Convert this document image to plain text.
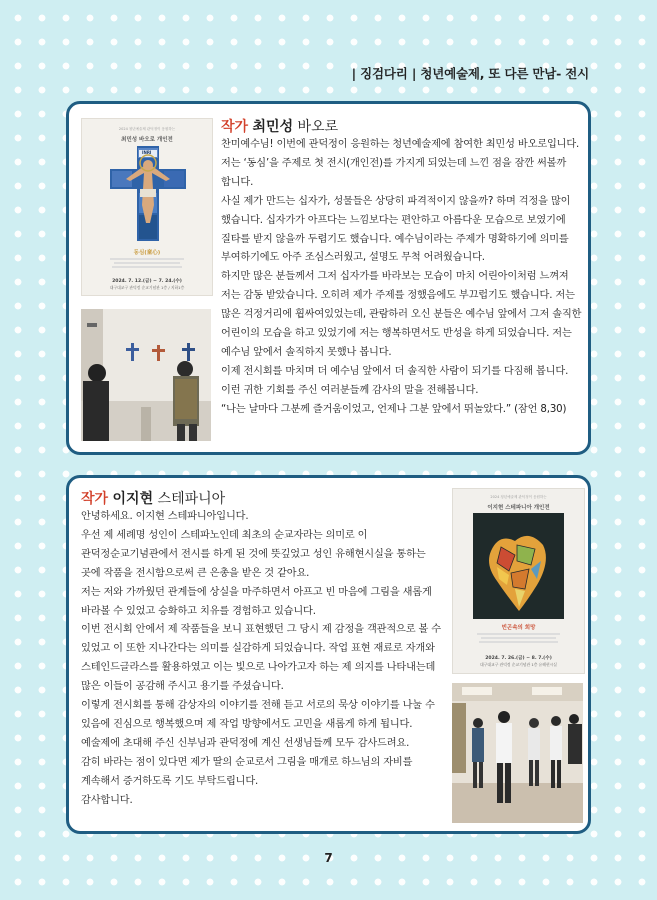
| 징검다리 | 청년예술제, 또 다른 만남- 전시
2024 청년예술제 관덕정이 응원하는
최민성 바오로 개인전
INRI
동심(童心)
2024. 7. 12.(금) ~ 7. 24.(수)
대구대교구 관덕정 순교기념관 1층 / 지하1층
작가 최민성 바오로

찬미예수님! 이번에 관덕정이 응원하는 청년예술제에 참여한 최민성 바오로입니다. 저는 ‘동심’을 주제로 첫 전시(개인전)를 가지게 되었는데 느낀 점을 잠깐 써볼까 합니다.

사실 제가 만드는 십자가, 성물들은 상당히 파격적이지 않을까? 하며 걱정을 많이 했습니다. 십자가가 아프다는 느낌보다는 편안하고 아름다운 모습으로 보였기에 질타를 받지 않을까 두렵기도 했습니다. 예수님이라는 주제가 명확하기에 의미를 부여하기에도 아주 조심스러웠고, 설명도 무척 어려웠습니다.

하지만 많은 분들께서 그저 십자가를 바라보는 모습이 마치 어린아이처럼 느껴져 저는 감동 받았습니다. 오히려 제가 주제를 정했음에도 부끄럽기도 했습니다. 저는 많은 걱정거리에 휩싸여있었는데, 관람하러 오신 분들은 예수님 앞에서 그저 솔직한 어린이의 모습을 하고 있었기에 저는 행복하면서도 반성을 하게 되었습니다. 저는 예수님 앞에서 솔직하지 못했나 봅니다.

이제 전시회를 마치며 더 예수님 앞에서 더 솔직한 사람이 되기를 다짐해 봅니다. 이런 귀한 기회를 주신 여러분들께 감사의 말을 전해봅니다.

“나는 날마다 그분께 즐거움이었고, 언제나 그분 앞에서 뛰놀았다.” (잠언 8,30)

작가 이지현 스테파니아

안녕하세요. 이지현 스테파니아입니다.

우선 제 세례명 성인이 스테파노인데 최초의 순교자라는 의미로 이 관덕정순교기념관에서 전시를 하게 된 것에 뜻깊었고 성인 유해현시실을 통하는 곳에 작품을 전시함으로써 큰 은총을 받은 것 같아요.

저는 저와 가까웠던 관계들에 상실을 마주하면서 아프고 빈 마음에 그림을 새롭게 바라볼 수 있었고 승화하고 치유를 경험하고 있습니다.

이번 전시회 안에서 제 작품들을 보니 표현했던 그 당시 제 감정을 객관적으로 볼 수 있었고 이 또한 지나간다는 의미를 실감하게 되었습니다. 작업 표현 재료로 자개와 스테인드글라스를 활용하였고 이는 빛으로 나아가고자 하는 제 의지를 나타내는데 많은 이들이 공감해 주시고 용기를 주셨습니다.

이렇게 전시회를 통해 감상자의 이야기를 전해 듣고 서로의 묵상 이야기를 나눌 수 있음에 진심으로 행복했으며 제 작업 방향에서도 고민을 새롭게 하게 됩니다.

예술제에 초대해 주신 신부님과 관덕정에 계신 선생님들께 모두 감사드려요.

감히 바라는 점이 있다면 제가 딸의 순교로서 그림을 매개로 하느님의 자비를 계속해서 증거하도록 기도 부탁드립니다.

감사합니다.

2024 청년예술제 관덕정이 응원하는
이지현 스테파니아 개인전
빈곤속의 희망
2024. 7. 26.(금) ~ 8. 7.(수)
대구대교구 관덕정 순교기념관 1층 유해현시실
7
